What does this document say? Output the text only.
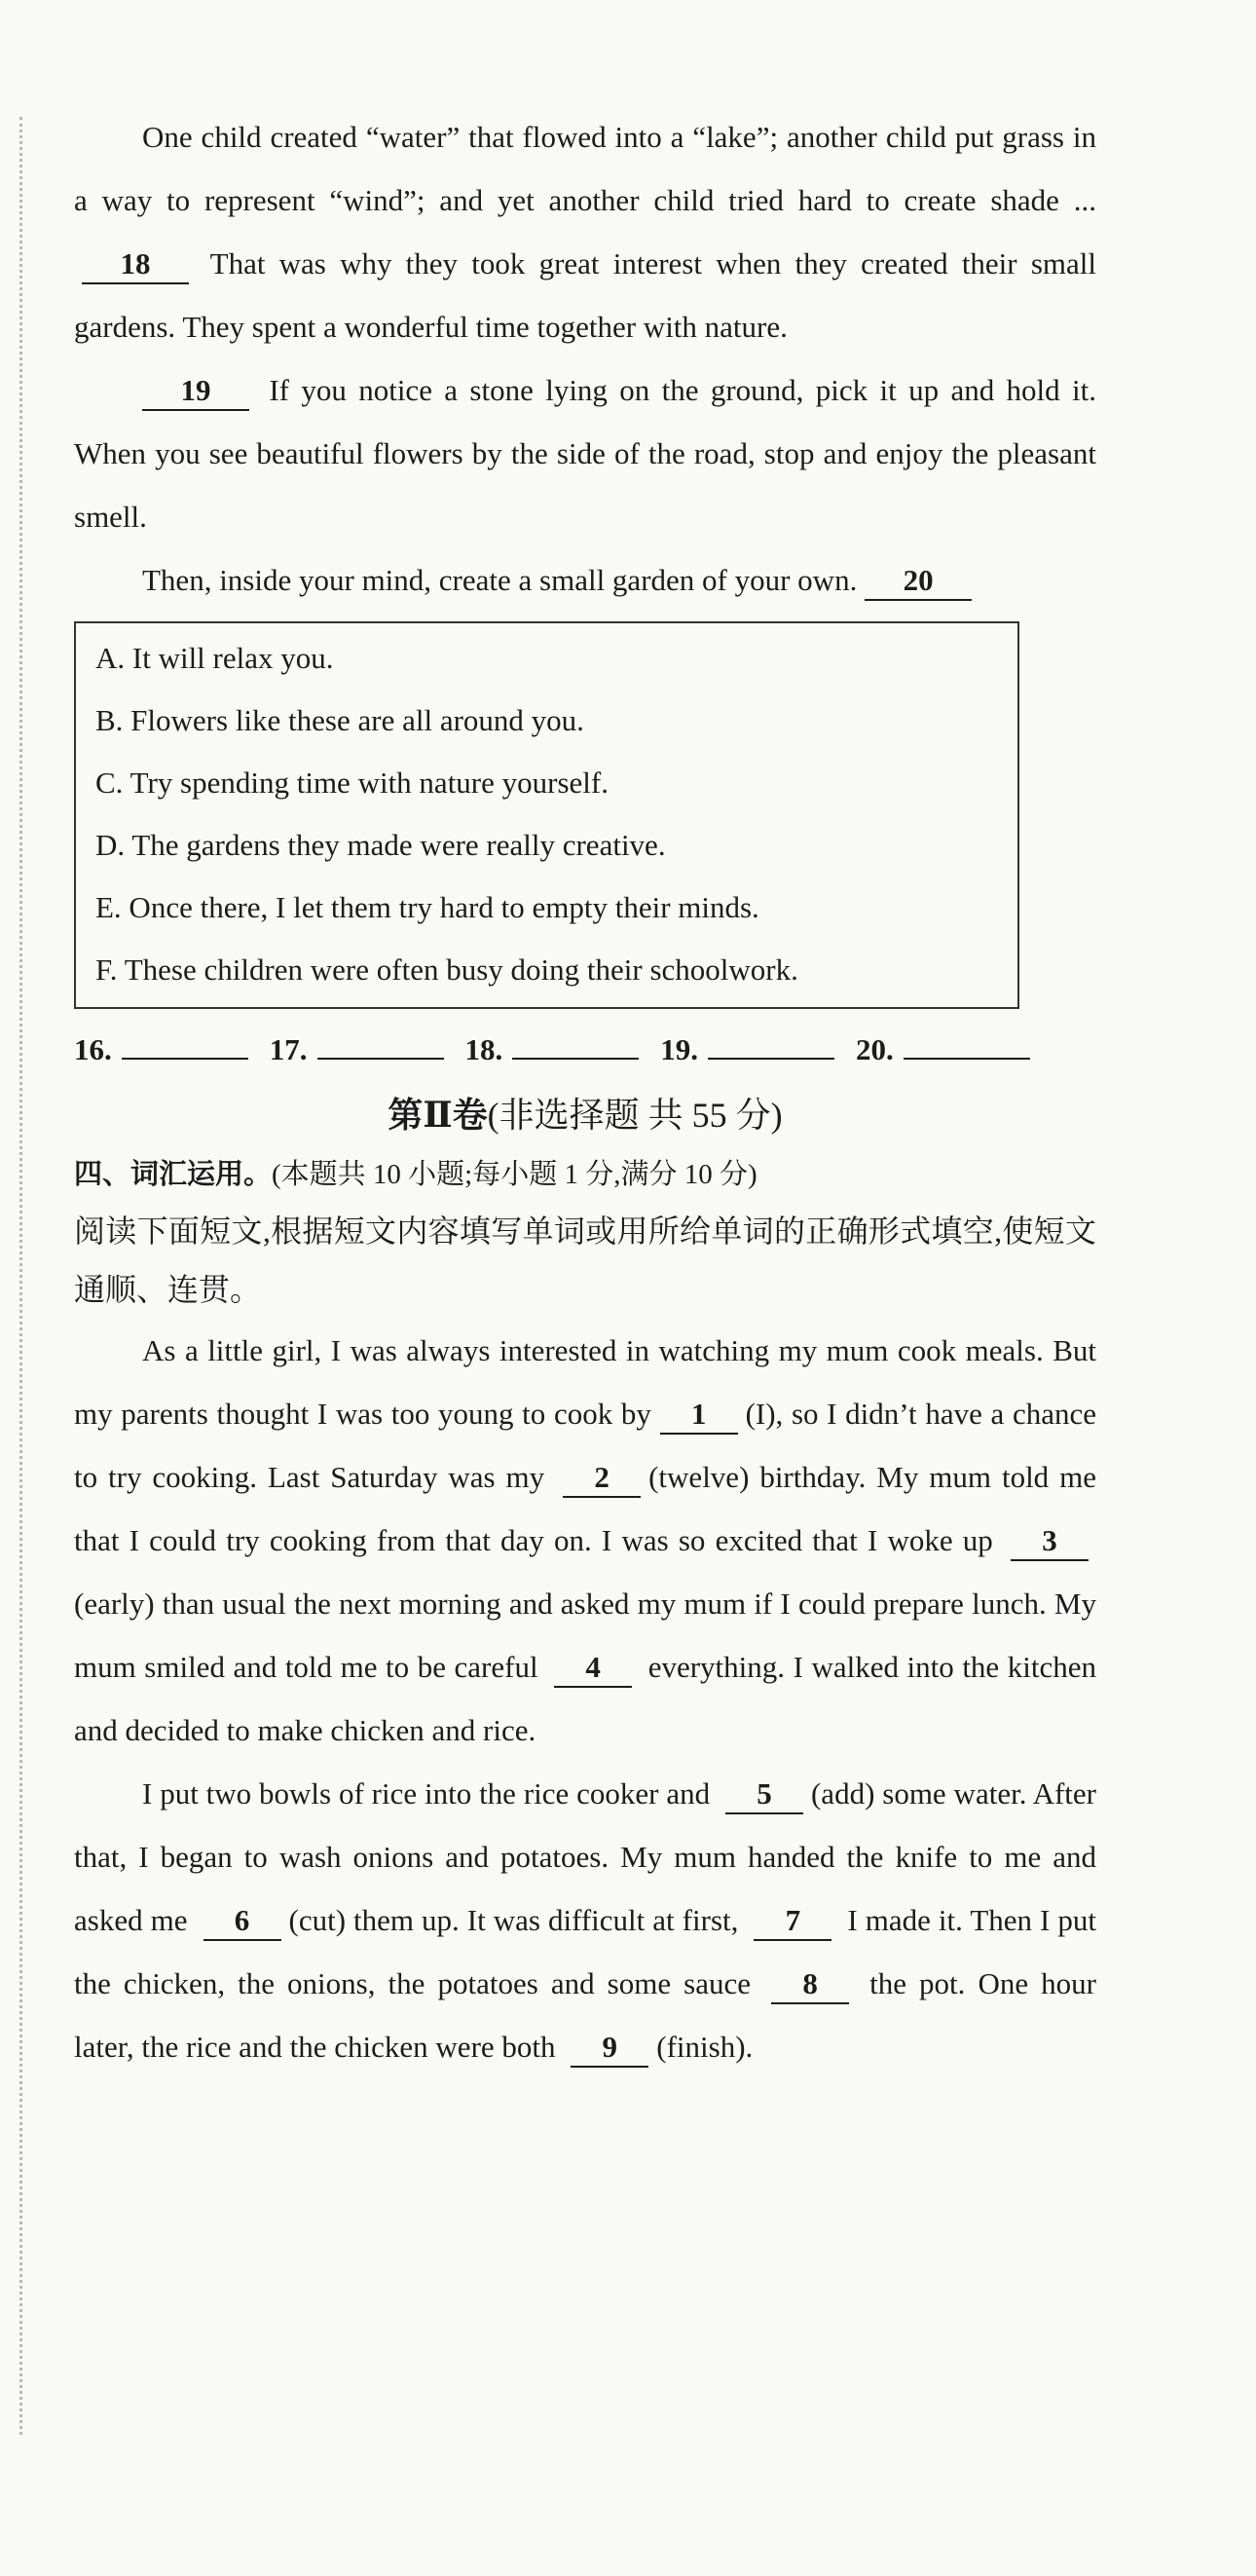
One child created “water” that flowed into a “lake”; another child put grass in a way to represent “wind”; and yet another child tried hard to create shade ... 18 That was why they took great interest when they created their small gardens. They spent a wonderful time together with nature.

19 If you notice a stone lying on the ground, pick it up and hold it. When you see beautiful flowers by the side of the road, stop and enjoy the pleasant smell.

Then, inside your mind, create a small garden of your own. 20

A. It will relax you.
B. Flowers like these are all around you.
C. Try spending time with nature yourself.
D. The gardens they made were really creative.
E. Once there, I let them try hard to empty their minds.
F. These children were often busy doing their schoolwork.
16.	17.	18.	19.	20.
第Ⅱ卷(非选择题 共 55 分)
四、词汇运用。(本题共 10 小题;每小题 1 分,满分 10 分)
阅读下面短文,根据短文内容填写单词或用所给单词的正确形式填空,使短文通顺、连贯。

As a little girl, I was always interested in watching my mum cook meals. But my parents thought I was too young to cook by 1 (I), so I didn’t have a chance to try cooking. Last Saturday was my 2 (twelve) birthday. My mum told me that I could try cooking from that day on. I was so excited that I woke up 3(early) than usual the next morning and asked my mum if I could prepare lunch. My mum smiled and told me to be careful 4 everything. I walked into the kitchen and decided to make chicken and rice.

I put two bowls of rice into the rice cooker and 5 (add) some water. After that, I began to wash onions and potatoes. My mum handed the knife to me and asked me 6 (cut) them up. It was difficult at first, 7 I made it. Then I put the chicken, the onions, the potatoes and some sauce 8 the pot. One hour later, the rice and the chicken were both 9 (finish).
